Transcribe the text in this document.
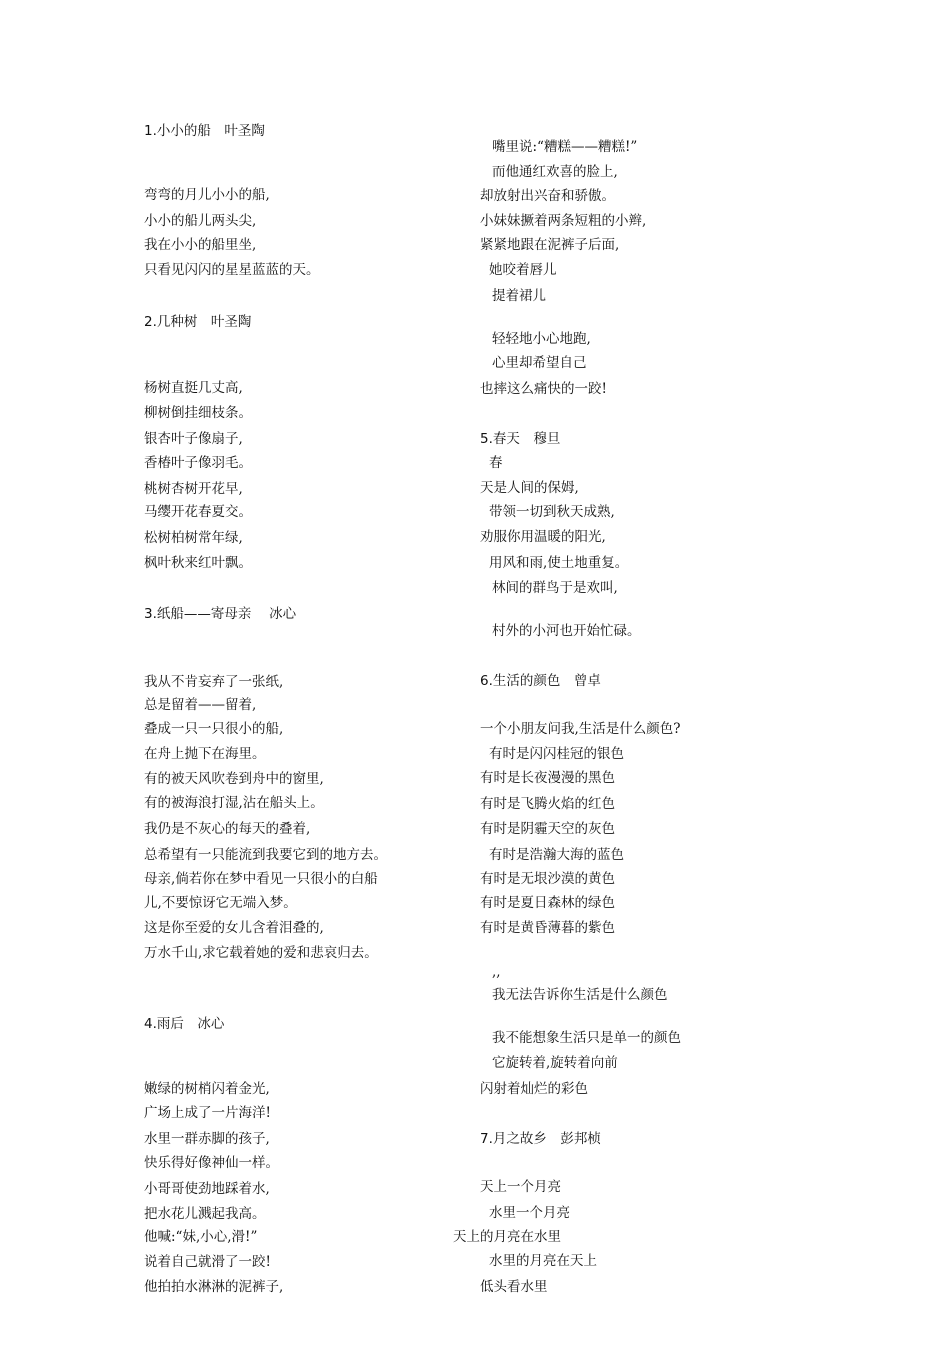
1.小小的船　叶圣陶
弯弯的月儿小小的船,
小小的船儿两头尖,
我在小小的船里坐,
只看见闪闪的星星蓝蓝的天。
2.几种树　叶圣陶
杨树直挺几丈高,
柳树倒挂细枝条。
银杏叶子像扇子,
香椿叶子像羽毛。
桃树杏树开花早,
马缨开花春夏交。
松树柏树常年绿,
枫叶秋来红叶飘。
3.纸船——寄母亲　 冰心
我从不肯妄弃了一张纸,
总是留着——留着,
叠成一只一只很小的船,
在舟上抛下在海里。
有的被天风吹卷到舟中的窗里,
有的被海浪打湿,沾在船头上。
我仍是不灰心的每天的叠着,
总希望有一只能流到我要它到的地方去。
母亲,倘若你在梦中看见一只很小的白船
儿,不要惊讶它无端入梦。
这是你至爱的女儿含着泪叠的,
万水千山,求它载着她的爱和悲哀归去。
4.雨后　冰心
嫩绿的树梢闪着金光,
广场上成了一片海洋!
水里一群赤脚的孩子,
快乐得好像神仙一样。
小哥哥使劲地踩着水,
把水花儿溅起我高。
他喊:“妹,小心,滑!”
说着自己就滑了一跤!
他拍拍水淋淋的泥裤子,
嘴里说:“糟糕——糟糕!”
而他通红欢喜的脸上,
却放射出兴奋和骄傲。
小妹妹撅着两条短粗的小辫,
紧紧地跟在泥裤子后面,
她咬着唇儿
提着裙儿
轻轻地小心地跑,
心里却希望自己
也摔这么痛快的一跤!
5.春天　穆旦
春
天是人间的保姆,
带领一切到秋天成熟,
劝服你用温暖的阳光,
用风和雨,使土地重复。
林间的群鸟于是欢叫,
村外的小河也开始忙碌。
6.生活的颜色　曾卓
一个小朋友问我,生活是什么颜色?
有时是闪闪桂冠的银色
有时是长夜漫漫的黑色
有时是飞腾火焰的红色
有时是阴霾天空的灰色
有时是浩瀚大海的蓝色
有时是无垠沙漠的黄色
有时是夏日森林的绿色
有时是黄昏薄暮的紫色
,,
我无法告诉你生活是什么颜色
我不能想象生活只是单一的颜色
它旋转着,旋转着向前
闪射着灿烂的彩色
7.月之故乡　彭邦桢
天上一个月亮
水里一个月亮
天上的月亮在水里
水里的月亮在天上
低头看水里
